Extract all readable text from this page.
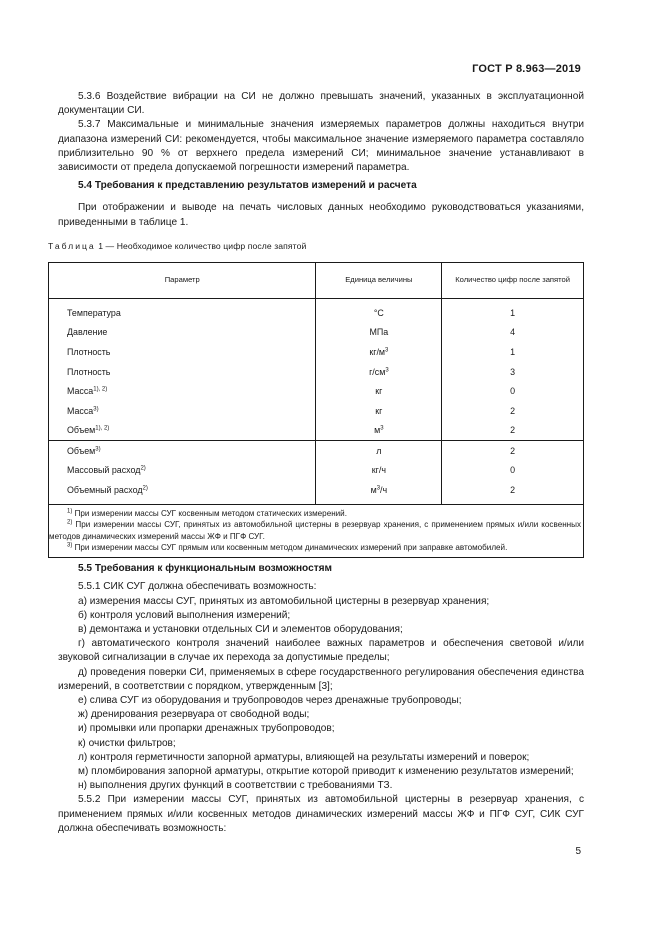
ГОСТ Р 8.963—2019

5.3.6 Воздействие вибрации на СИ не должно превышать значений, указанных в эксплуатационной документации СИ.

5.3.7 Максимальные и минимальные значения измеряемых параметров должны находиться внутри диапазона измерений СИ: рекомендуется, чтобы максимальное значение измеряемого параметра составляло приблизительно 90 % от верхнего предела измерений СИ; минимальное значение устанавливают в зависимости от предела допускаемой погрешности измерений параметра.

5.4 Требования к представлению результатов измерений и расчета

При отображении и выводе на печать числовых данных необходимо руководствоваться указаниями, приведенными в таблице 1.

Таблица 1 — Необходимое количество цифр после запятой
Параметр	Единица величины	Количество цифр после запятой
Температура	°C	1
Давление	МПа	4
Плотность	$кг/м^3$	1
Плотность	$г/см^3$	3
Масса$^{1), 2)}$	кг	0
Масса$^{3)}$	кг	2
Объем$^{1), 2)}$	$м^3$	2
Объем$^{3)}$	л	2
Массовый расход$^{2)}$	кг/ч	0
Объемный расход$^{2)}$	$м^3/ч$	2

$^{1)}$ При измерении массы СУГ косвенным методом статических измерений.

$^{2)}$ При измерении массы СУГ, принятых из автомобильной цистерны в резервуар хранения, с применением прямых и/или косвенных методов динамических измерений массы ЖФ и ПГФ СУГ.

$^{3)}$ При измерении массы СУГ прямым или косвенным методом динамических измерений при заправке автомобилей.

5.5 Требования к функциональным возможностям

5.5.1 СИК СУГ должна обеспечивать возможность:

а) измерения массы СУГ, принятых из автомобильной цистерны в резервуар хранения;

б) контроля условий выполнения измерений;

в) демонтажа и установки отдельных СИ и элементов оборудования;

г) автоматического контроля значений наиболее важных параметров и обеспечения световой и/или звуковой сигнализации в случае их перехода за допустимые пределы;

д) проведения поверки СИ, применяемых в сфере государственного регулирования обеспечения единства измерений, в соответствии с порядком, утвержденным [3];

е) слива СУГ из оборудования и трубопроводов через дренажные трубопроводы;

ж) дренирования резервуара от свободной воды;

и) промывки или пропарки дренажных трубопроводов;

к) очистки фильтров;

л) контроля герметичности запорной арматуры, влияющей на результаты измерений и поверок;

м) пломбирования запорной арматуры, открытие которой приводит к изменению результатов измерений;

н) выполнения других функций в соответствии с требованиями ТЗ.

5.5.2 При измерении массы СУГ, принятых из автомобильной цистерны в резервуар хранения, с применением прямых и/или косвенных методов динамических измерений массы ЖФ и ПГФ СУГ, СИК СУГ должна обеспечивать возможность:

5
